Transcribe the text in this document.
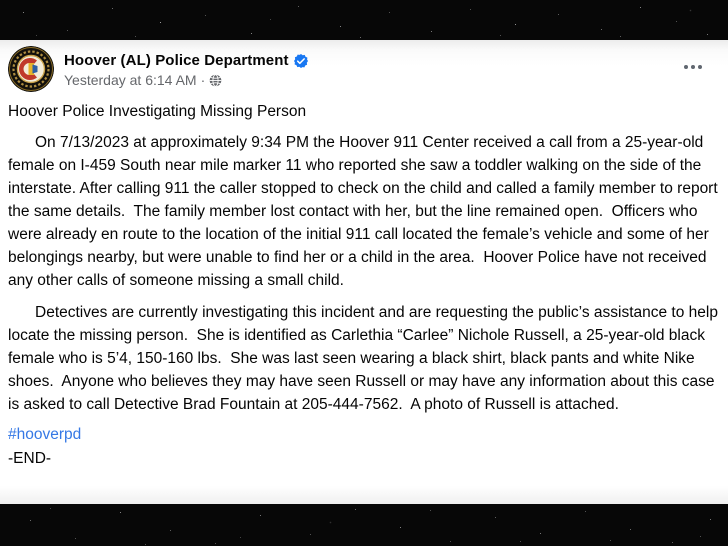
Hoover (AL) Police Department
Yesterday at 6:14 AM ·
Hoover Police Investigating Missing Person
On 7/13/2023 at approximately 9:34 PM the Hoover 911 Center received a call from a 25-year-old female on I-459 South near mile marker 11 who reported she saw a toddler walking on the side of the interstate. After calling 911 the caller stopped to check on the child and called a family member to report the same details.  The family member lost contact with her, but the line remained open.  Officers who were already en route to the location of the initial 911 call located the female’s vehicle and some of her belongings nearby, but were unable to find her or a child in the area.  Hoover Police have not received any other calls of someone missing a small child.
Detectives are currently investigating this incident and are requesting the public’s assistance to help locate the missing person.  She is identified as Carlethia “Carlee” Nichole Russell, a 25-year-old black female who is 5’4, 150-160 lbs.  She was last seen wearing a black shirt, black pants and white Nike shoes.  Anyone who believes they may have seen Russell or may have any information about this case is asked to call Detective Brad Fountain at 205-444-7562.  A photo of Russell is attached.
#hooverpd
-END-
